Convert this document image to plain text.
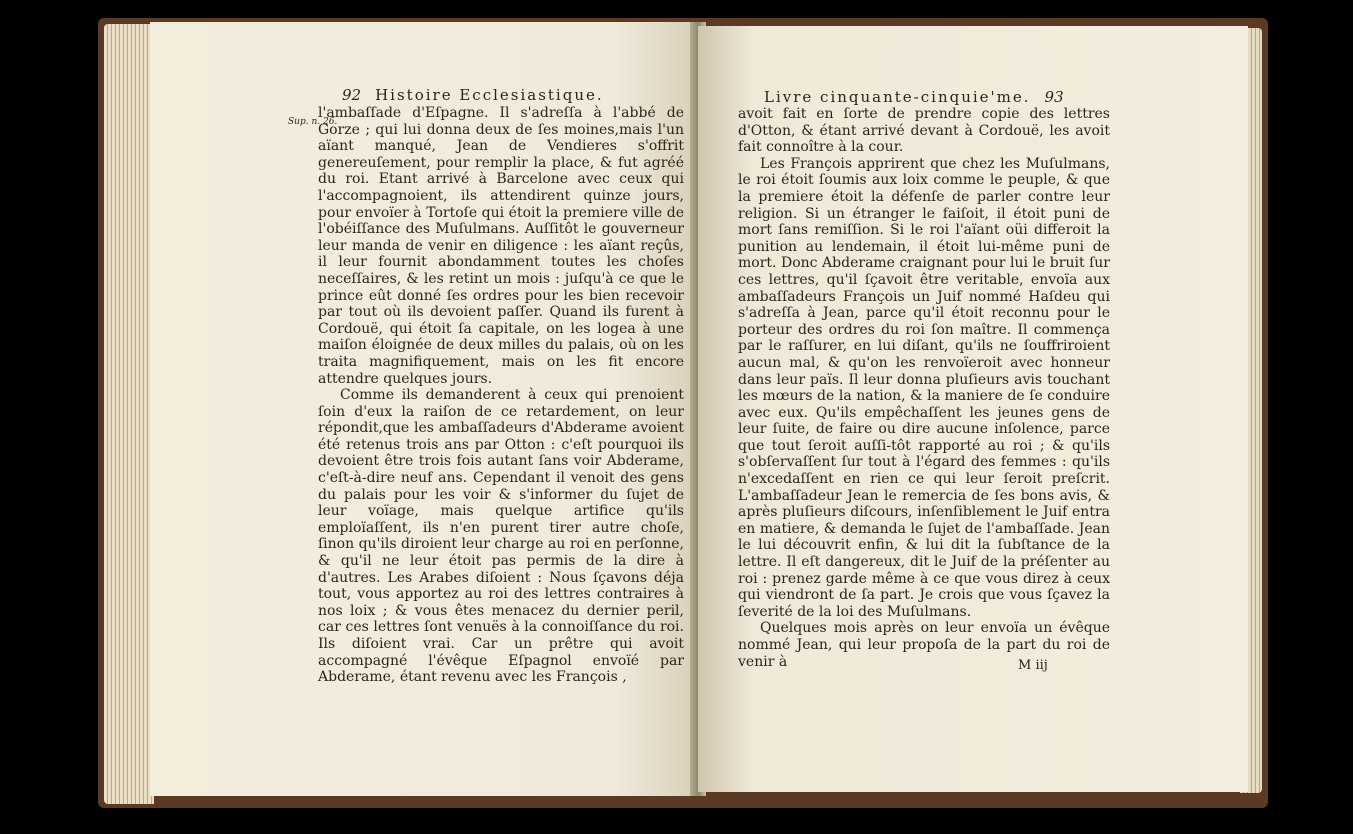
92 Histoire Ecclesiastique.
Sup. n. 26.

l'ambaſſade d'Eſpagne. Il s'adreſſa à l'abbé de Gorze ; qui lui donna deux de ſes moines,mais l'un aïant manqué, Jean de Vendieres s'offrit genereuſement, pour remplir la place, & fut agréé du roi. Etant arrivé à Barcelone avec ceux qui l'accompagnoient, ils attendirent quinze jours, pour envoïer à Tortoſe qui étoit la premiere ville de l'obéiſſance des Muſulmans. Auſſitôt le gouverneur leur manda de venir en diligence : les aïant reçûs, il leur fournit abondamment toutes les choſes neceſſaires, & les retint un mois : juſqu'à ce que le prince eût donné ſes ordres pour les bien recevoir par tout où ils devoient paſſer. Quand ils furent à Cordouë, qui étoit ſa capitale, on les logea à une maiſon éloignée de deux milles du palais, où on les traita magnifiquement, mais on les fit encore attendre quelques jours.

Comme ils demanderent à ceux qui prenoient ſoin d'eux la raiſon de ce retardement, on leur répondit,que les ambaſſadeurs d'Abderame avoient été retenus trois ans par Otton : c'eſt pourquoi ils devoient être trois fois autant ſans voir Abderame, c'eſt-à-dire neuf ans. Cependant il venoit des gens du palais pour les voir & s'informer du ſujet de leur voïage, mais quelque artifice qu'ils emploïaſſent, ils n'en purent tirer autre choſe, ſinon qu'ils diroient leur charge au roi en perſonne, & qu'il ne leur étoit pas permis de la dire à d'autres. Les Arabes diſoient : Nous ſçavons déja tout, vous apportez au roi des lettres contraires à nos loix ; & vous êtes menacez du dernier peril, car ces lettres ſont venuës à la connoiſſance du roi. Ils diſoient vrai. Car un prêtre qui avoit accompagné l'évêque Eſpagnol envoïé par Abderame, étant revenu avec les François ,

Livre cinquante-cinquie'me. 93

avoit fait en ſorte de prendre copie des lettres d'Otton, & étant arrivé devant à Cordouë, les avoit fait connoître à la cour.

Les François apprirent que chez les Muſulmans, le roi étoit ſoumis aux loix comme le peuple, & que la premiere étoit la défenſe de parler contre leur religion. Si un étranger le faiſoit, il étoit puni de mort ſans remiſſion. Si le roi l'aïant oüi differoit la punition au lendemain, il étoit lui-même puni de mort. Donc Abderame craignant pour lui le bruit ſur ces lettres, qu'il ſçavoit être veritable, envoïa aux ambaſſadeurs François un Juif nommé Haſdeu qui s'adreſſa à Jean, parce qu'il étoit reconnu pour le porteur des ordres du roi ſon maître. Il commença par le raſſurer, en lui diſant, qu'ils ne ſouffriroient aucun mal, & qu'on les renvoïeroit avec honneur dans leur païs. Il leur donna pluſieurs avis touchant les mœurs de la nation, & la maniere de ſe conduire avec eux. Qu'ils empêchaſſent les jeunes gens de leur ſuite, de faire ou dire aucune inſolence, parce que tout ſeroit auſſi-tôt rapporté au roi ; & qu'ils s'obſervaſſent ſur tout à l'égard des femmes : qu'ils n'excedaſſent en rien ce qui leur ſeroit preſcrit. L'ambaſſadeur Jean le remercia de ſes bons avis, & après pluſieurs diſcours, inſenſiblement le Juif entra en matiere, & demanda le ſujet de l'ambaſſade. Jean le lui découvrit enfin, & lui dit la ſubſtance de la lettre. Il eſt dangereux, dit le Juif de la préſenter au roi : prenez garde même à ce que vous direz à ceux qui viendront de ſa part. Je crois que vous ſçavez la ſeverité de la loi des Muſulmans.

Quelques mois après on leur envoïa un évêque nommé Jean, qui leur propoſa de la part du roi de venir à	M iij
